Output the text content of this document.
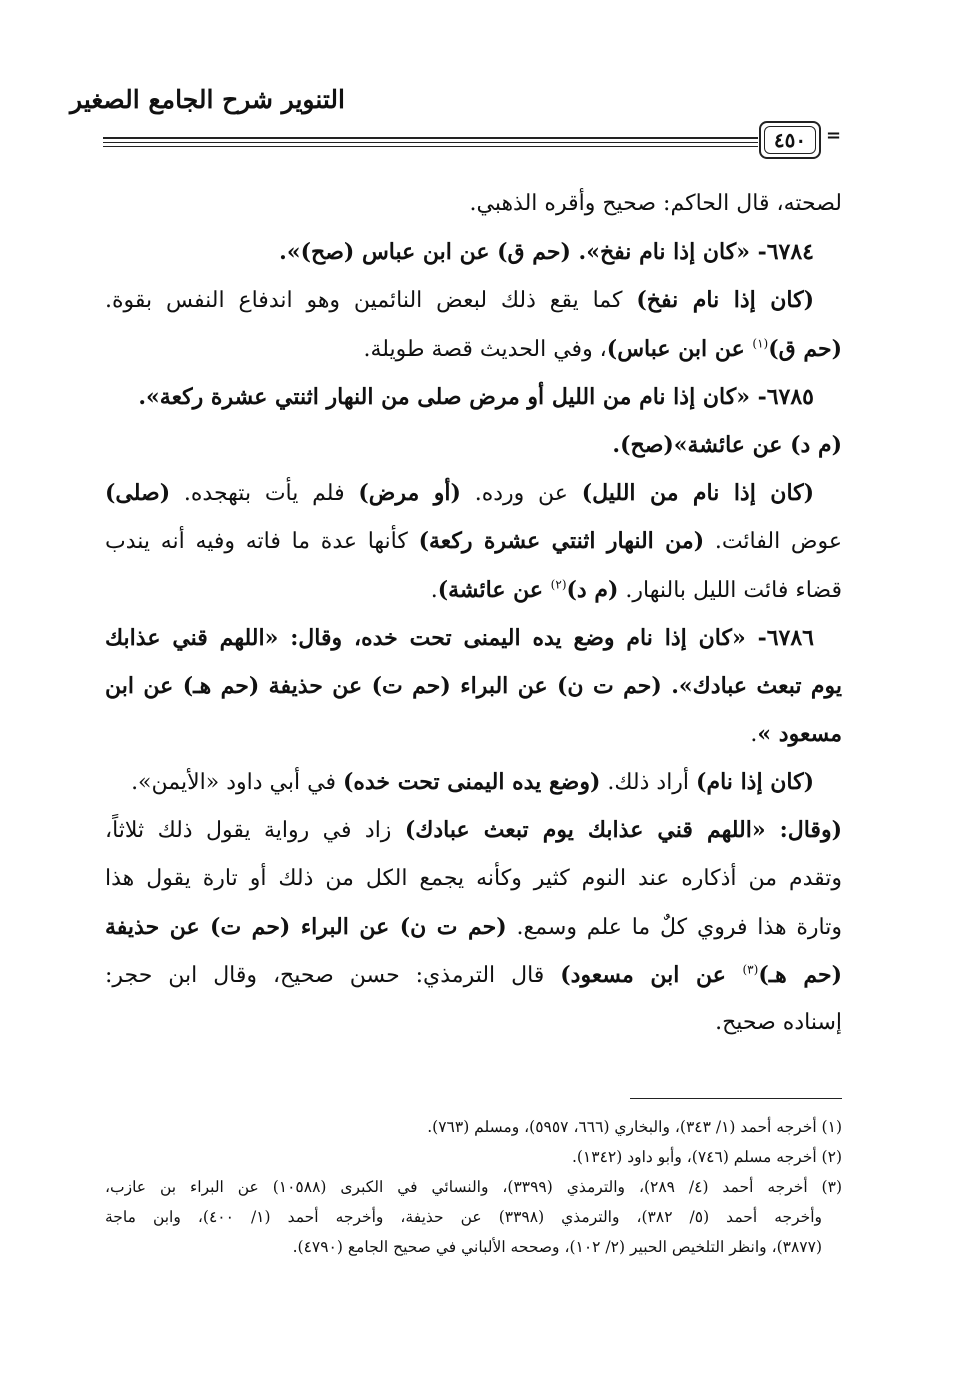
التنوير شرح الجامع الصغير
٤٥٠	=
لصحته، قال الحاكم: صحيح وأقره الذهبي.
٦٧٨٤- «كان إذا نام نفخ». (حم ق) عن ابن عباس (صح)».
(كان إذا نام نفخ) كما يقع ذلك لبعض النائمين وهو اندفاع النفس بقوة.
(حم ق)$^{(١)}$ عن ابن عباس)، وفي الحديث قصة طويلة.
٦٧٨٥- «كان إذا نام من الليل أو مرض صلى من النهار اثنتي عشرة ركعة».
(م د) عن عائشة»(صح).
(كان إذا نام من الليل) عن ورده. (أو مرض) فلم يأت بتهجده. (صلى)
عوض الفائت. (من النهار اثنتي عشرة ركعة) كأنها عدة ما فاته وفيه أنه يندب
قضاء فائت الليل بالنهار. (م د)$^{(٢)}$ عن عائشة).
٦٧٨٦- «كان إذا نام وضع يده اليمنى تحت خده، وقال: «اللهم قني عذابك
يوم تبعث عبادك». (حم ت ن) عن البراء (حم ت) عن حذيفة (حم هـ) عن ابن
مسعود ».
(كان إذا نام) أراد ذلك. (وضع يده اليمنى تحت خده) في أبي داود «الأيمن».
(وقال: «اللهم قني عذابك يوم تبعث عبادك) زاد في رواية يقول ذلك ثلاثاً،
وتقدم من أذكاره عند النوم كثير وكأنه يجمع الكل من ذلك أو تارة يقول هذا
وتارة هذا فروي كلٌ ما علم وسمع. (حم ت ن) عن البراء (حم ت) عن حذيفة
(حم هـ)$^{(٣)}$ عن ابن مسعود) قال الترمذي: حسن صحيح، وقال ابن حجر:
إسناده صحيح.
(١) أخرجه أحمد (١/ ٣٤٣)، والبخاري (٦٦٦، ٥٩٥٧)، ومسلم (٧٦٣).
(٢) أخرجه مسلم (٧٤٦)، وأبو داود (١٣٤٢).
(٣) أخرجه أحمد (٤/ ٢٨٩)، والترمذي (٣٣٩٩)، والنسائي في الكبرى (١٠٥٨٨) عن البراء بن عازب،
وأخرجه أحمد (٥/ ٣٨٢)، والترمذي (٣٣٩٨) عن حذيفة، وأخرجه أحمد (١/ ٤٠٠)، وابن ماجة
(٣٨٧٧)، وانظر التلخيص الحبير (٢/ ١٠٢)، وصححه الألباني في صحيح الجامع (٤٧٩٠).
